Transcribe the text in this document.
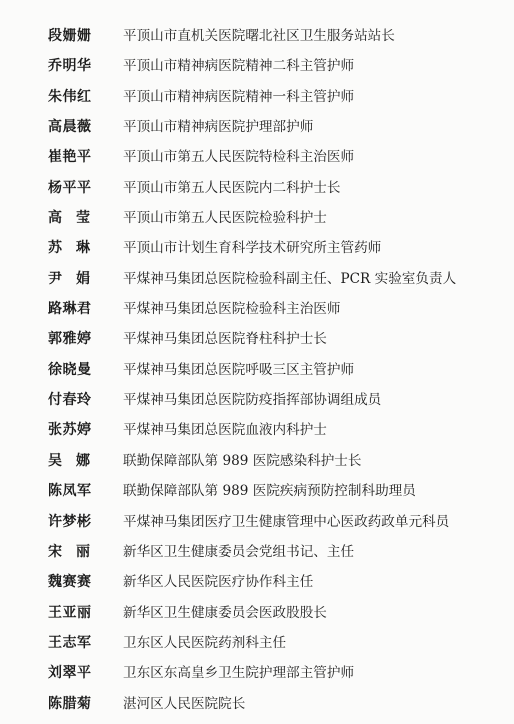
段姗姗	平顶山市直机关医院曙北社区卫生服务站站长
乔明华	平顶山市精神病医院精神二科主管护师
朱伟红	平顶山市精神病医院精神一科主管护师
高晨薇	平顶山市精神病医院护理部护师
崔艳平	平顶山市第五人民医院特检科主治医师
杨平平	平顶山市第五人民医院内二科护士长
高莹 平顶山市第五人民医院检验科护士
苏琳 平顶山市计划生育科学技术研究所主管药师
尹娟 平煤神马集团总医院检验科副主任、PCR 实验室负责人
路琳君	平煤神马集团总医院检验科主治医师
郭雅婷	平煤神马集团总医院脊柱科护士长
徐晓曼	平煤神马集团总医院呼吸三区主管护师
付春玲	平煤神马集团总医院防疫指挥部协调组成员
张苏婷	平煤神马集团总医院血液内科护士
吴娜 联勤保障部队第 989 医院感染科护士长
陈凤军	联勤保障部队第 989 医院疾病预防控制科助理员
许梦彬	平煤神马集团医疗卫生健康管理中心医政药政单元科员
宋丽 新华区卫生健康委员会党组书记、主任
魏赛赛	新华区人民医院医疗协作科主任
王亚丽	新华区卫生健康委员会医政股股长
王志军	卫东区人民医院药剂科主任
刘翠平	卫东区东高皇乡卫生院护理部主管护师
陈腊菊	湛河区人民医院院长
